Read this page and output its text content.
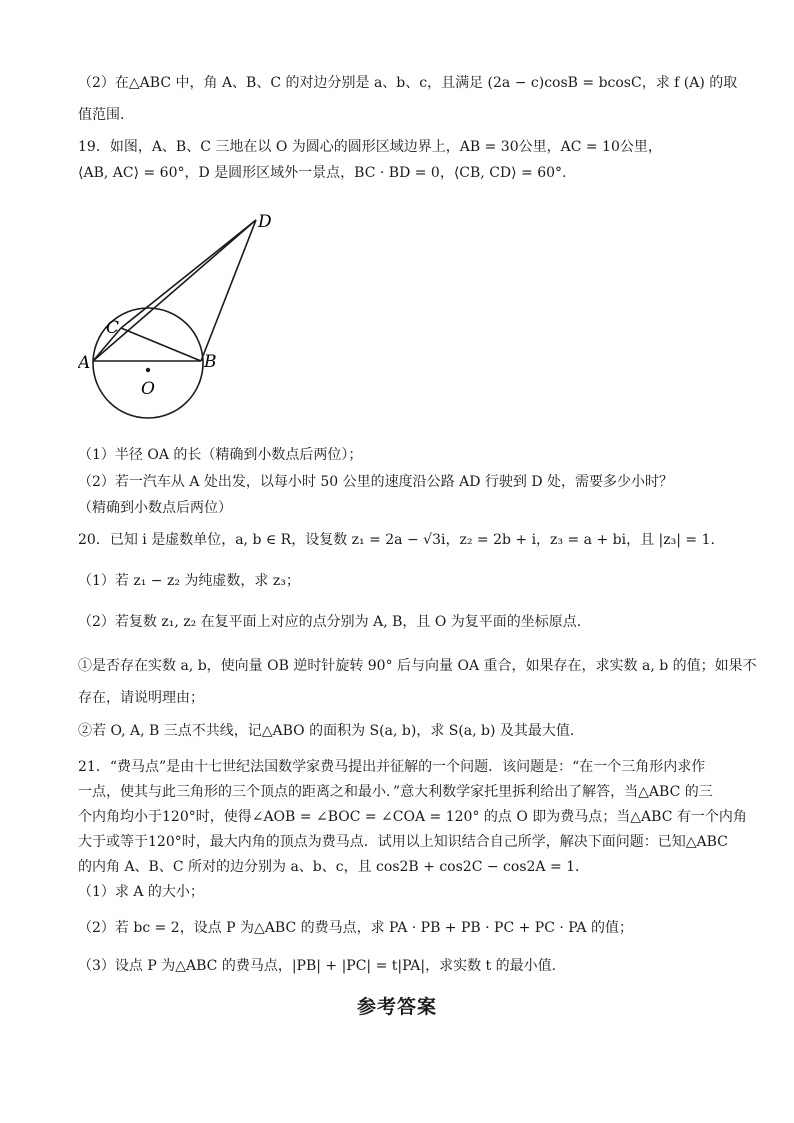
（2）在△ABC 中，角 A、B、C 的对边分别是 a、b、c，且满足 (2a − c)cosB = bcosC，求 f (A) 的取
值范围.
19．如图，A、B、C 三地在以 O 为圆心的圆形区域边界上，AB = 30公里，AC = 10公里，
⟨AB, AC⟩ = 60°，D 是圆形区域外一景点，BC · BD = 0，⟨CB, CD⟩ = 60°.
（1）半径 OA 的长（精确到小数点后两位）；
（2）若一汽车从 A 处出发，以每小时 50 公里的速度沿公路 AD 行驶到 D 处，需要多少小时？
（精确到小数点后两位）
20．已知 i 是虚数单位，a, b ∈ R，设复数 z₁ = 2a − √3i，z₂ = 2b + i，z₃ = a + bi，且 |z₃| = 1.
（1）若 z₁ − z₂ 为纯虚数，求 z₃；
（2）若复数 z₁, z₂ 在复平面上对应的点分别为 A, B，且 O 为复平面的坐标原点.
①是否存在实数 a, b，使向量 OB 逆时针旋转 90° 后与向量 OA 重合，如果存在，求实数 a, b 的值；如果不
存在，请说明理由；
②若 O, A, B 三点不共线，记△ABO 的面积为 S(a, b)，求 S(a, b) 及其最大值.
21．“费马点”是由十七世纪法国数学家费马提出并征解的一个问题．该问题是：“在一个三角形内求作
一点，使其与此三角形的三个顶点的距离之和最小．”意大利数学家托里拆利给出了解答，当△ABC 的三
个内角均小于120°时，使得∠AOB = ∠BOC = ∠COA = 120° 的点 O 即为费马点；当△ABC 有一个内角
大于或等于120°时，最大内角的顶点为费马点．试用以上知识结合自己所学，解决下面问题：已知△ABC
的内角 A、B、C 所对的边分别为 a、b、c，且 cos2B + cos2C − cos2A = 1．
（1）求 A 的大小；
（2）若 bc = 2，设点 P 为△ABC 的费马点，求 PA · PB + PB · PC + PC · PA 的值；
（3）设点 P 为△ABC 的费马点，|PB| + |PC| = t|PA|，求实数 t 的最小值.
D
C
A	B
O
参考答案
